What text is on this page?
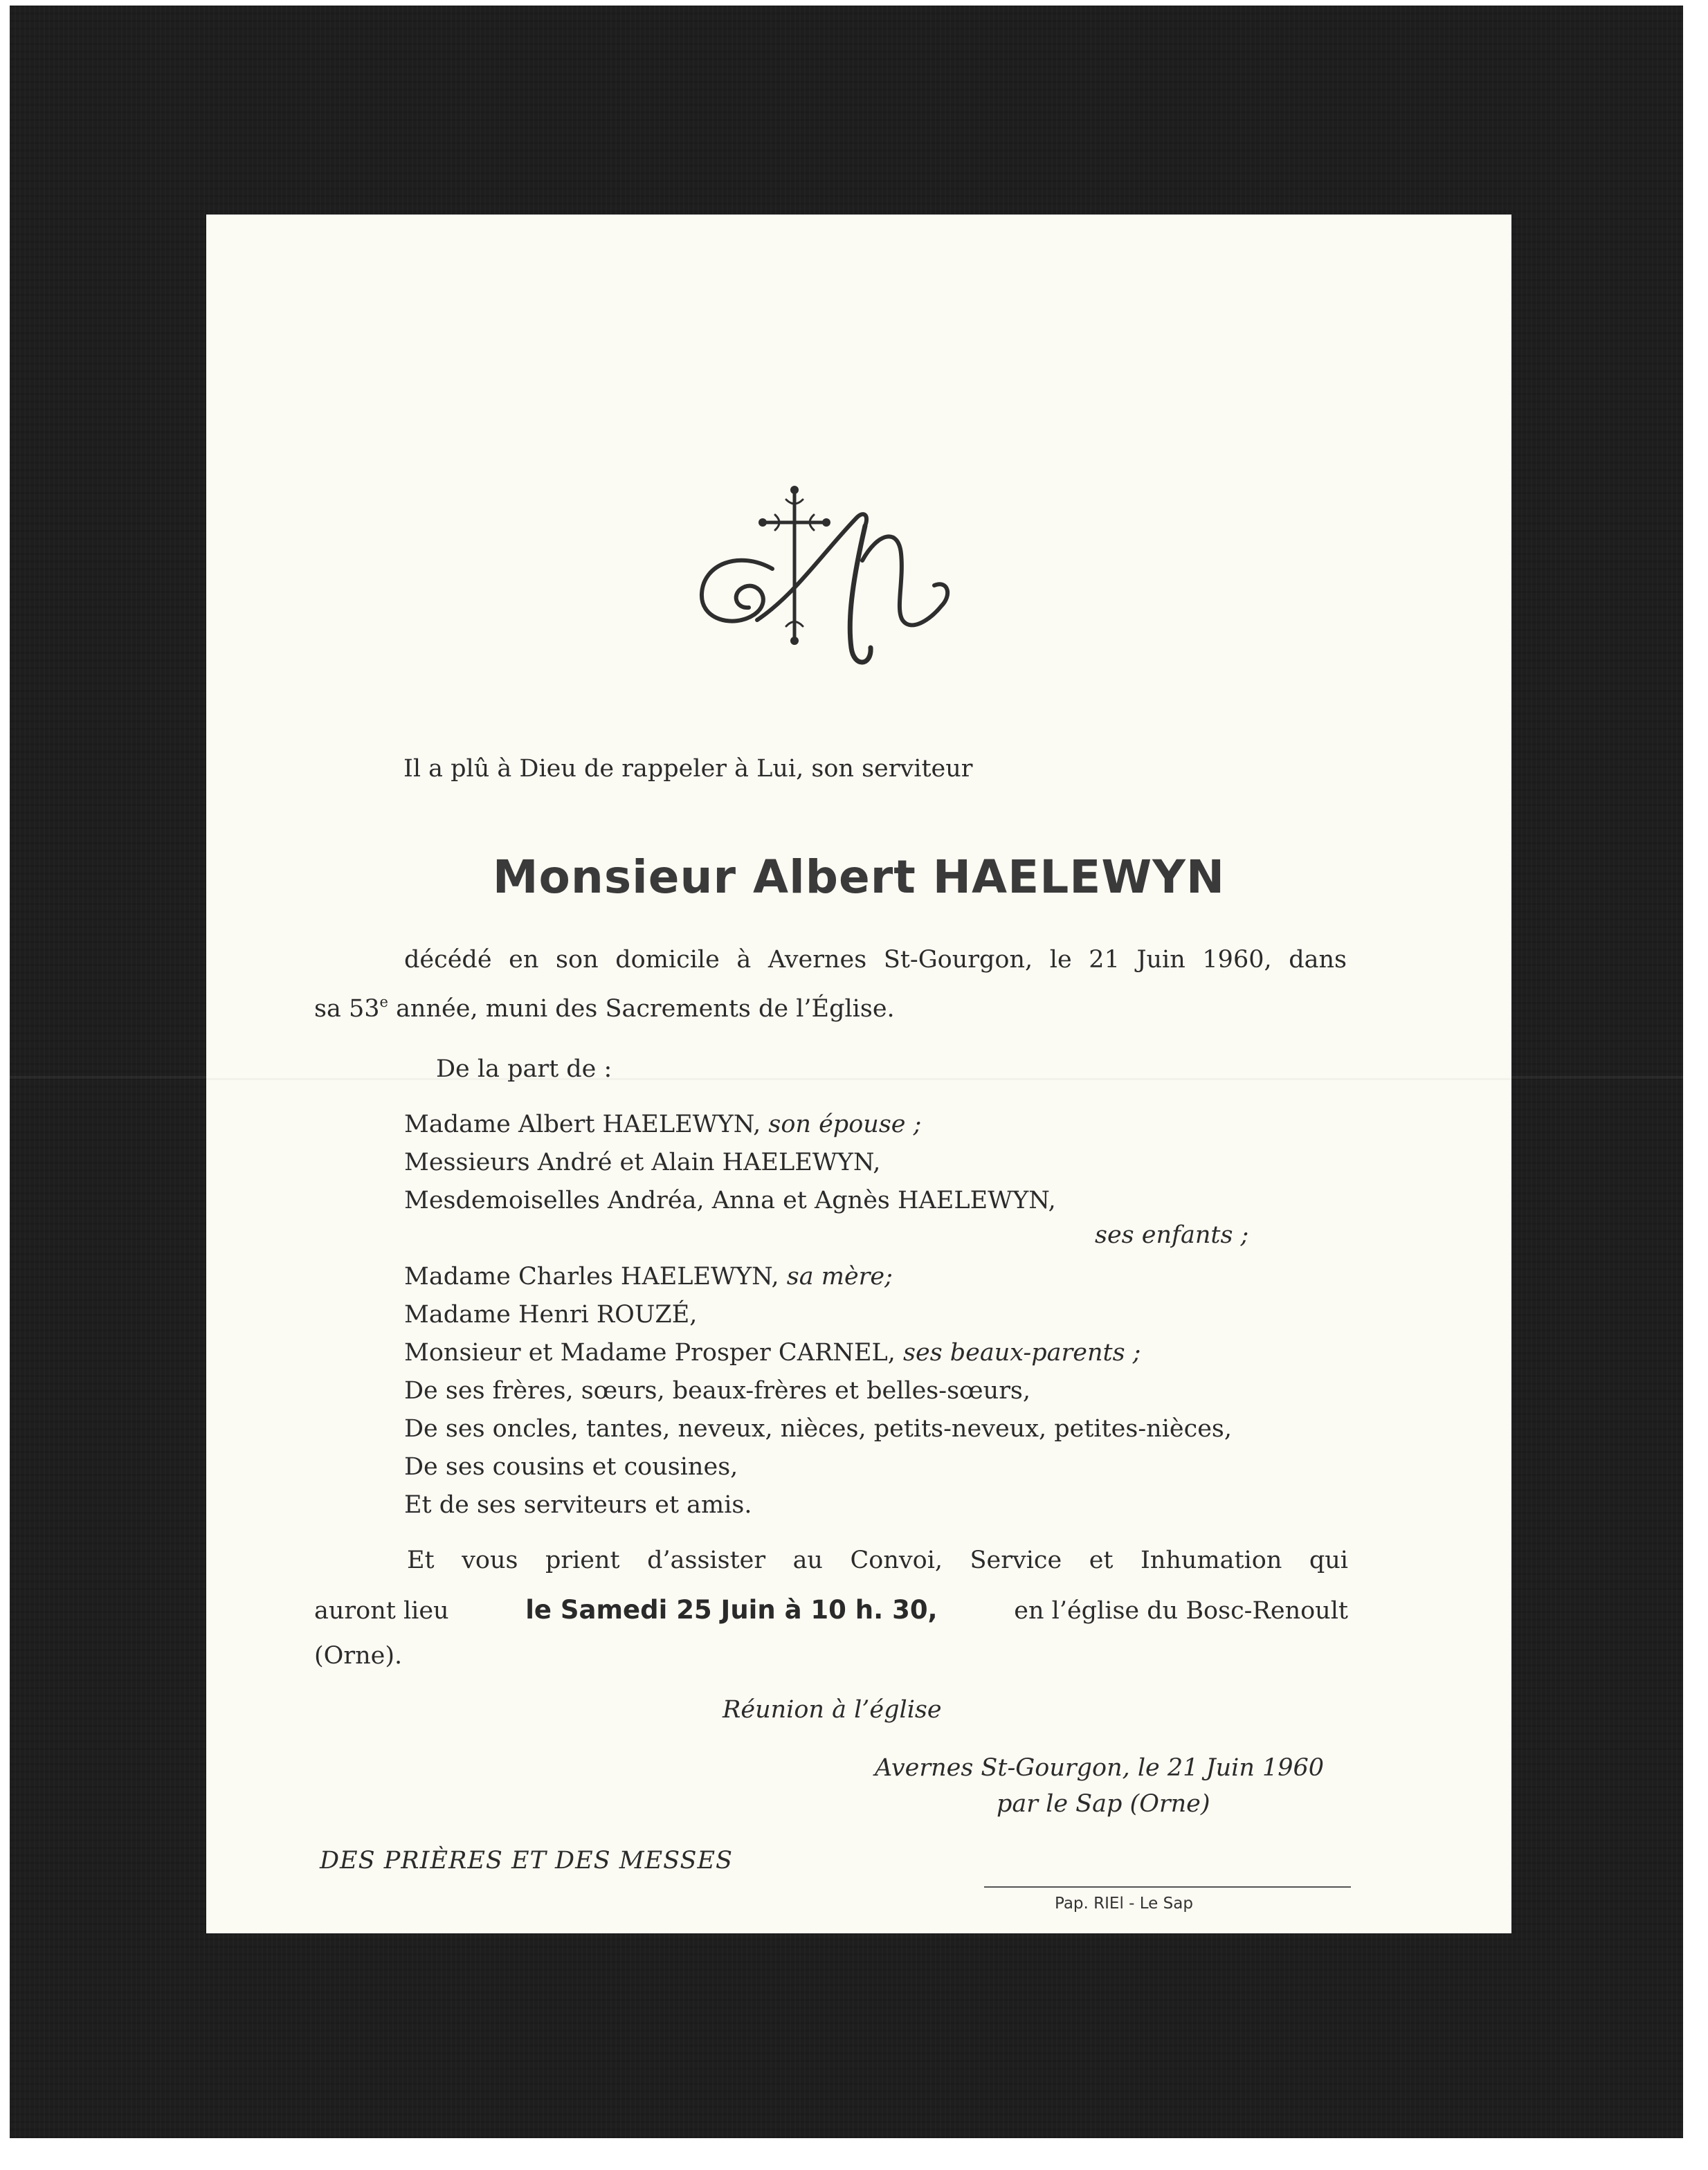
Il a plû à Dieu de rappeler à Lui, son serviteur

Monsieur Albert HAELEWYN

décédé en son domicile à Avernes St-Gourgon, le 21 Juin 1960, dans

sa 53e année, muni des Sacrements de l’Église.

De la part de :

Madame Albert HAELEWYN, son épouse ;

Messieurs André et Alain HAELEWYN,

Mesdemoiselles Andréa, Anna et Agnès HAELEWYN,

ses enfants ;

Madame Charles HAELEWYN, sa mère;

Madame Henri ROUZÉ,

Monsieur et Madame Prosper CARNEL, ses beaux-parents ;

De ses frères, sœurs, beaux-frères et belles-sœurs,

De ses oncles, tantes, neveux, nièces, petits-neveux, petites-nièces,

De ses cousins et cousines,

Et de ses serviteurs et amis.

Et vous prient d’assister au Convoi, Service et Inhumation qui

auront lieu	le Samedi 25 Juin à 10 h. 30,	en l’église du Bosc-Renoult

(Orne).

Réunion à l’église

Avernes St-Gourgon, le 21 Juin 1960

par le Sap (Orne)

DES PRIÈRES ET DES MESSES

Pap. RIEl - Le Sap
